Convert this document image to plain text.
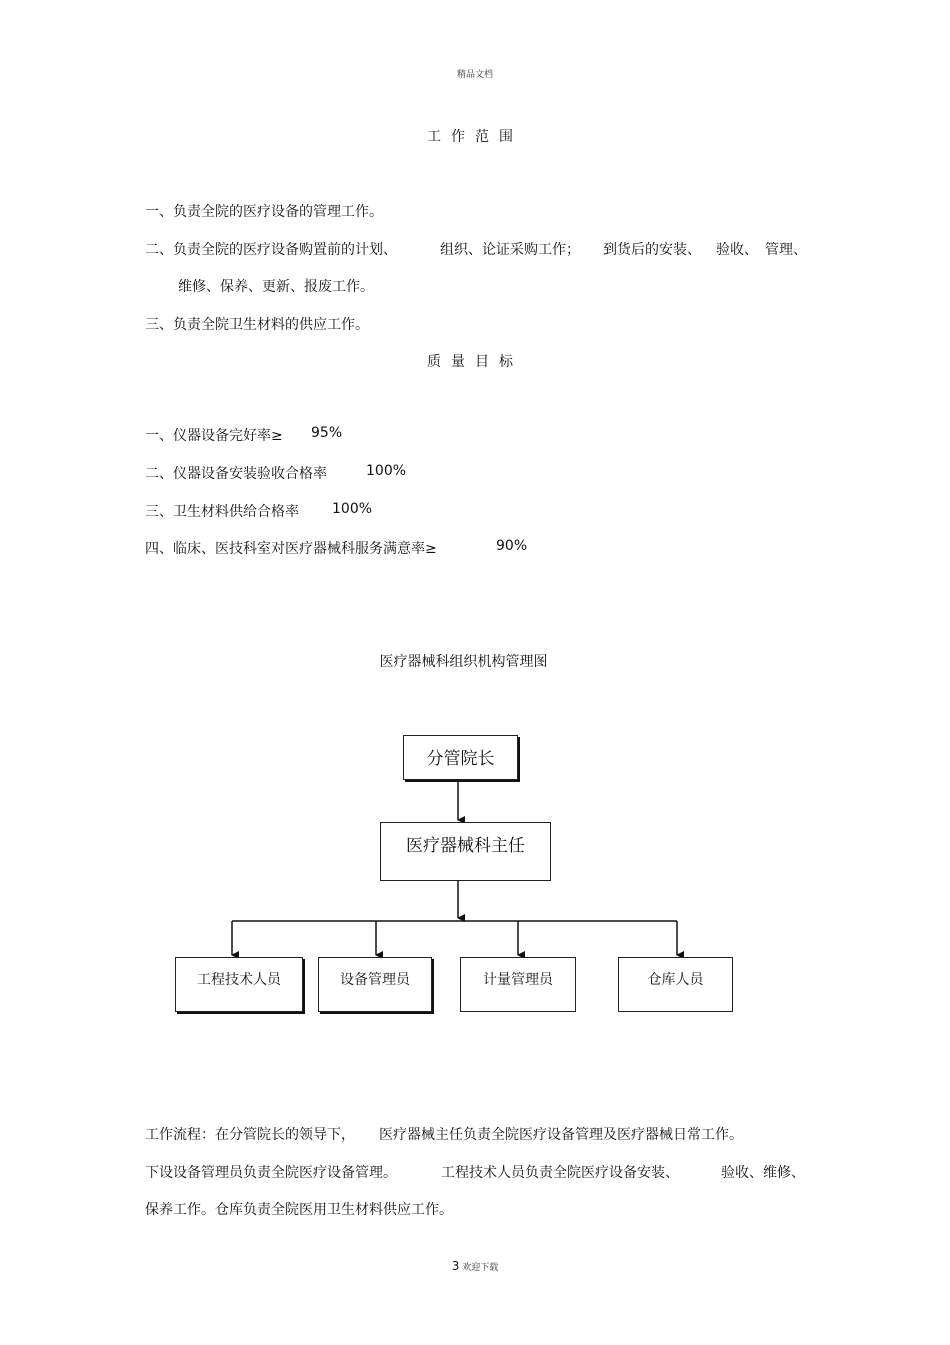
精品文档
工作范围
一、负责全院的医疗设备的管理工作。
二、负责全院的医疗设备购置前的计划、	组织、论证采购工作； 到货后的安装、 验收、 管理、
维修、保养、更新、报废工作。
三、负责全院卫生材料的供应工作。
质量目标
一、仪器设备完好率≥ 95%
二、仪器设备安装验收合格率	100%
三、卫生材料供给合格率 100%
四、临床、医技科室对医疗器械科服务满意率≥	90%
医疗器械科组织机构管理图
分管院长
医疗器械科主任
工程技术人员	设备管理员	计量管理员	仓库人员
工作流程：在分管院长的领导下， 医疗器械主任负责全院医疗设备管理及医疗器械日常工作。
下设设备管理员负责全院医疗设备管理。	工程技术人员负责全院医疗设备安装、	验收、维修、
保养工作。仓库负责全院医用卫生材料供应工作。
3 欢迎下载
